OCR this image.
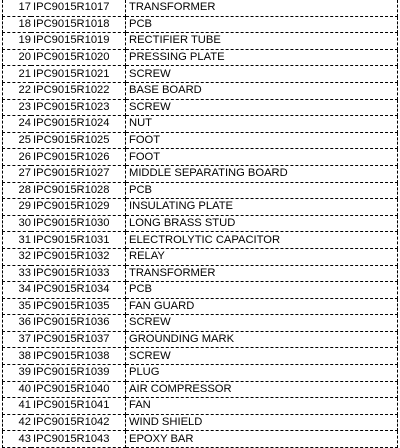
17	IPC9015R1017	TRANSFORMER
18	IPC9015R1018	PCB
19	IPC9015R1019	RECTIFIER TUBE
20	IPC9015R1020	PRESSING PLATE
21	IPC9015R1021	SCREW
22	IPC9015R1022	BASE BOARD
23	IPC9015R1023	SCREW
24	IPC9015R1024	NUT
25	IPC9015R1025	FOOT
26	IPC9015R1026	FOOT
27	IPC9015R1027	MIDDLE SEPARATING BOARD
28	IPC9015R1028	PCB
29	IPC9015R1029	INSULATING PLATE
30	IPC9015R1030	LONG BRASS STUD
31	IPC9015R1031	ELECTROLYTIC CAPACITOR
32	IPC9015R1032	RELAY
33	IPC9015R1033	TRANSFORMER
34	IPC9015R1034	PCB
35	IPC9015R1035	FAN GUARD
36	IPC9015R1036	SCREW
37	IPC9015R1037	GROUNDING MARK
38	IPC9015R1038	SCREW
39	IPC9015R1039	PLUG
40	IPC9015R1040	AIR COMPRESSOR
41	IPC9015R1041	FAN
42	IPC9015R1042	WIND SHIELD
43	IPC9015R1043	EPOXY BAR
